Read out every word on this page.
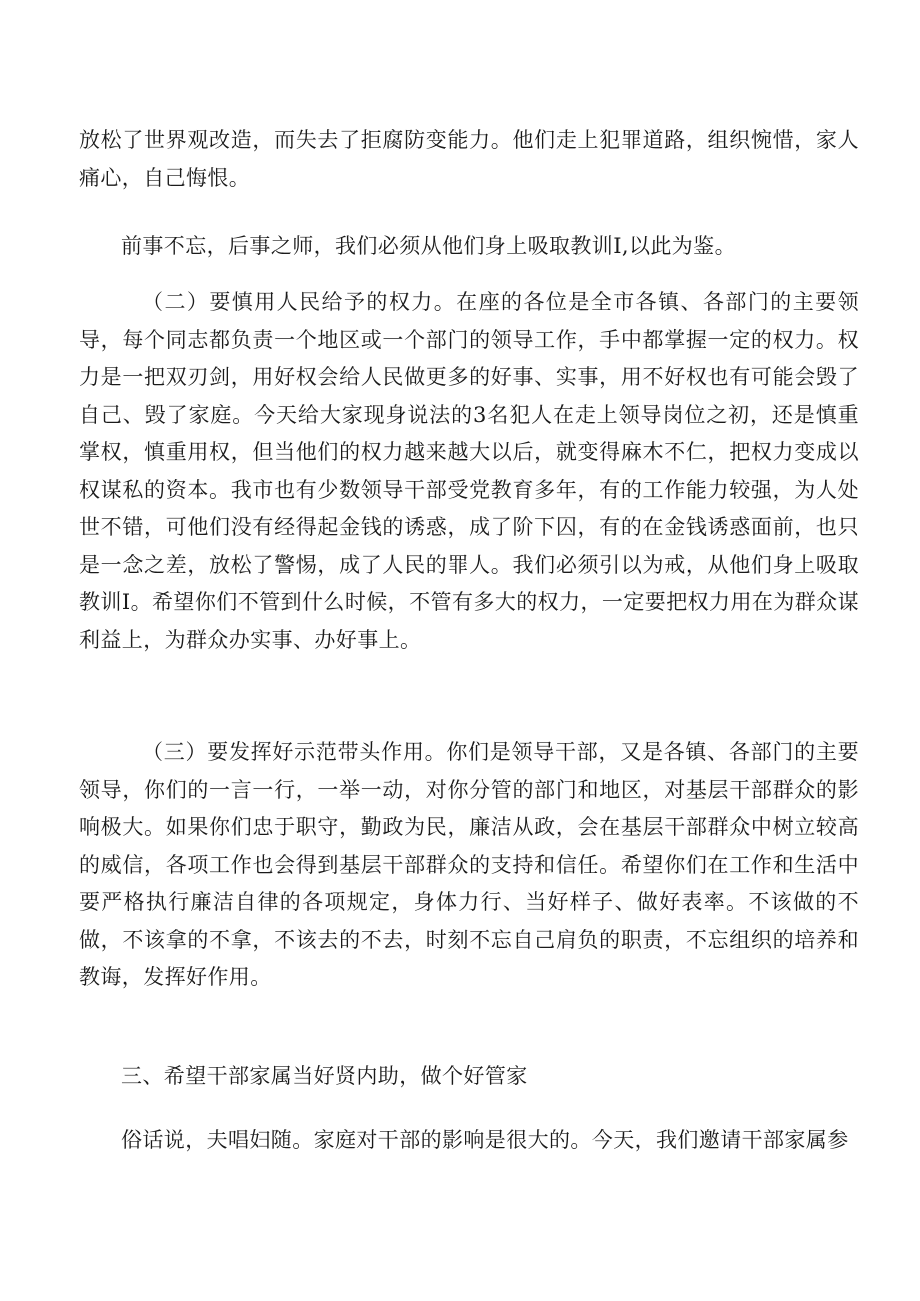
放松了世界观改造，而失去了拒腐防变能力。他们走上犯罪道路，组织惋惜，家人痛心，自己悔恨。

前事不忘，后事之师，我们必须从他们身上吸取教训I,以此为鉴。

（二）要慎用人民给予的权力。在座的各位是全市各镇、各部门的主要领导，每个同志都负责一个地区或一个部门的领导工作，手中都掌握一定的权力。权力是一把双刃剑，用好权会给人民做更多的好事、实事，用不好权也有可能会毁了自己、毁了家庭。今天给大家现身说法的3名犯人在走上领导岗位之初，还是慎重掌权，慎重用权，但当他们的权力越来越大以后，就变得麻木不仁，把权力变成以权谋私的资本。我市也有少数领导干部受党教育多年，有的工作能力较强，为人处世不错，可他们没有经得起金钱的诱惑，成了阶下囚，有的在金钱诱惑面前，也只是一念之差，放松了警惕，成了人民的罪人。我们必须引以为戒，从他们身上吸取教训I。希望你们不管到什么时候，不管有多大的权力，一定要把权力用在为群众谋利益上，为群众办实事、办好事上。

（三）要发挥好示范带头作用。你们是领导干部，又是各镇、各部门的主要领导，你们的一言一行，一举一动，对你分管的部门和地区，对基层干部群众的影响极大。如果你们忠于职守，勤政为民，廉洁从政，会在基层干部群众中树立较高的威信，各项工作也会得到基层干部群众的支持和信任。希望你们在工作和生活中要严格执行廉洁自律的各项规定，身体力行、当好样子、做好表率。不该做的不做，不该拿的不拿，不该去的不去，时刻不忘自己肩负的职责，不忘组织的培养和教诲，发挥好作用。

三、希望干部家属当好贤内助，做个好管家

俗话说，夫唱妇随。家庭对干部的影响是很大的。今天，我们邀请干部家属参
